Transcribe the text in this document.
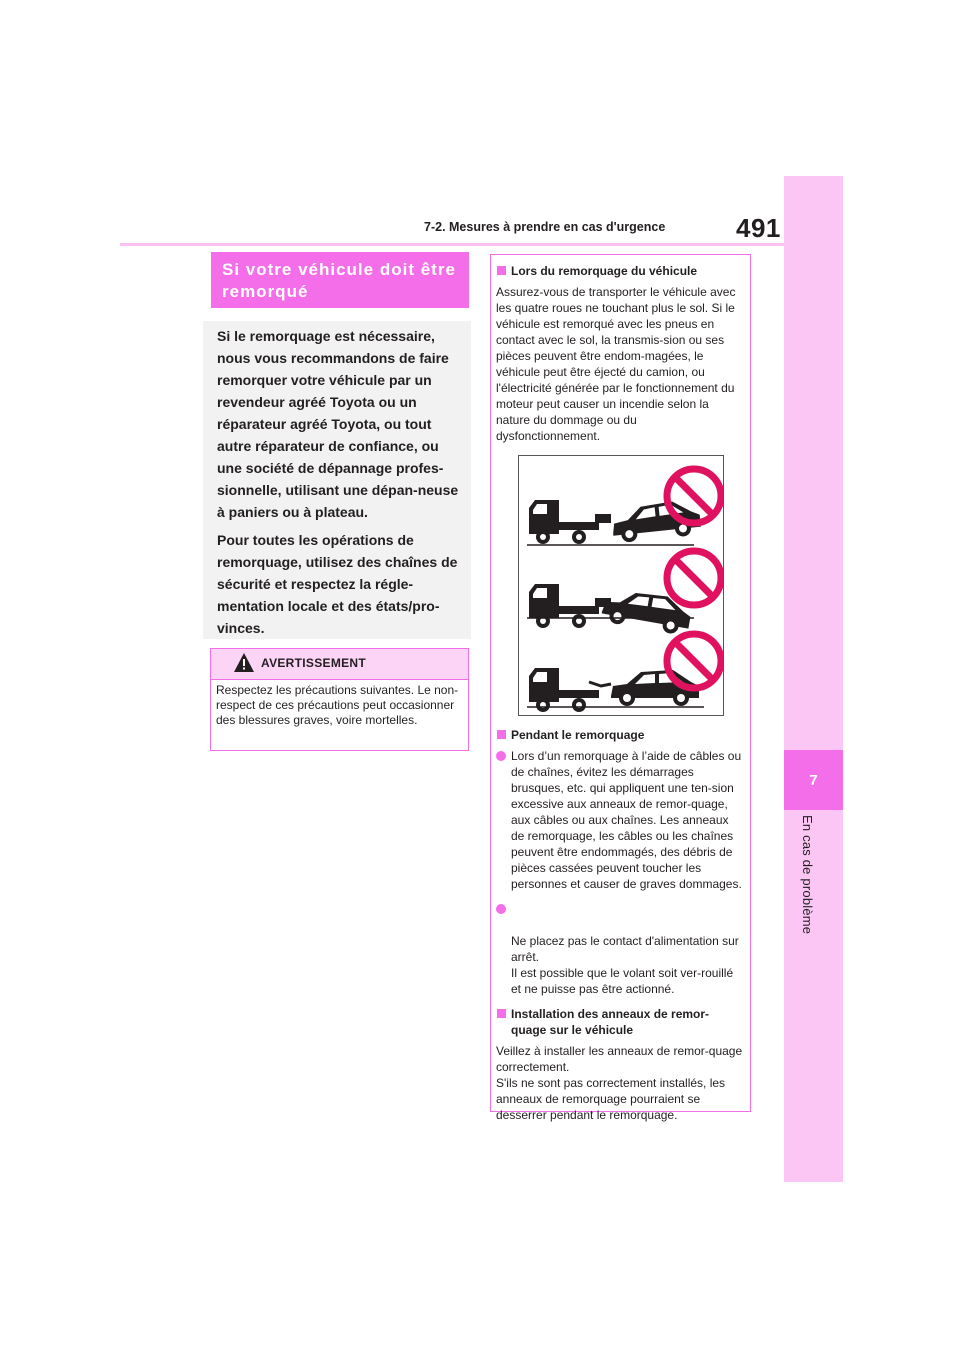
7-2. Mesures à prendre en cas d'urgence	491
7
En cas de problème
Si votre véhicule doit être remorqué

Si le remorquage est nécessaire, nous vous recommandons de faire remorquer votre véhicule par un revendeur agréé Toyota ou un réparateur agréé Toyota, ou tout autre réparateur de confiance, ou une société de dépannage profes-sionnelle, utilisant une dépan-neuse à paniers ou à plateau.

Pour toutes les opérations de remorquage, utilisez des chaînes de sécurité et respectez la régle-mentation locale et des états/pro-vinces.

AVERTISSEMENT
Respectez les précautions suivantes. Le non-respect de ces précautions peut occasionner des blessures graves, voire mortelles.
Lors du remorquage du véhicule

Assurez-vous de transporter le véhicule avec les quatre roues ne touchant plus le sol. Si le véhicule est remorqué avec les pneus en contact avec le sol, la transmis-sion ou ses pièces peuvent être endom-magées, le véhicule peut être éjecté du camion, ou l'électricité générée par le fonctionnement du moteur peut causer un incendie selon la nature du dommage ou du dysfonctionnement.

Pendant le remorquage
Lors d’un remorquage à l’aide de câbles ou de chaînes, évitez les démarrages brusques, etc. qui appliquent une ten-sion excessive aux anneaux de remor-quage, aux câbles ou aux chaînes. Les anneaux de remorquage, les câbles ou les chaînes peuvent être endommagés, des débris de pièces cassées peuvent toucher les personnes et causer de graves dommages.

Ne placez pas le contact d'alimentation sur arrêt.
Il est possible que le volant soit ver-rouillé et ne puisse pas être actionné.

Installation des anneaux de remor-quage sur le véhicule

Veillez à installer les anneaux de remor-quage correctement.
S'ils ne sont pas correctement installés, les anneaux de remorquage pourraient se desserrer pendant le remorquage.
